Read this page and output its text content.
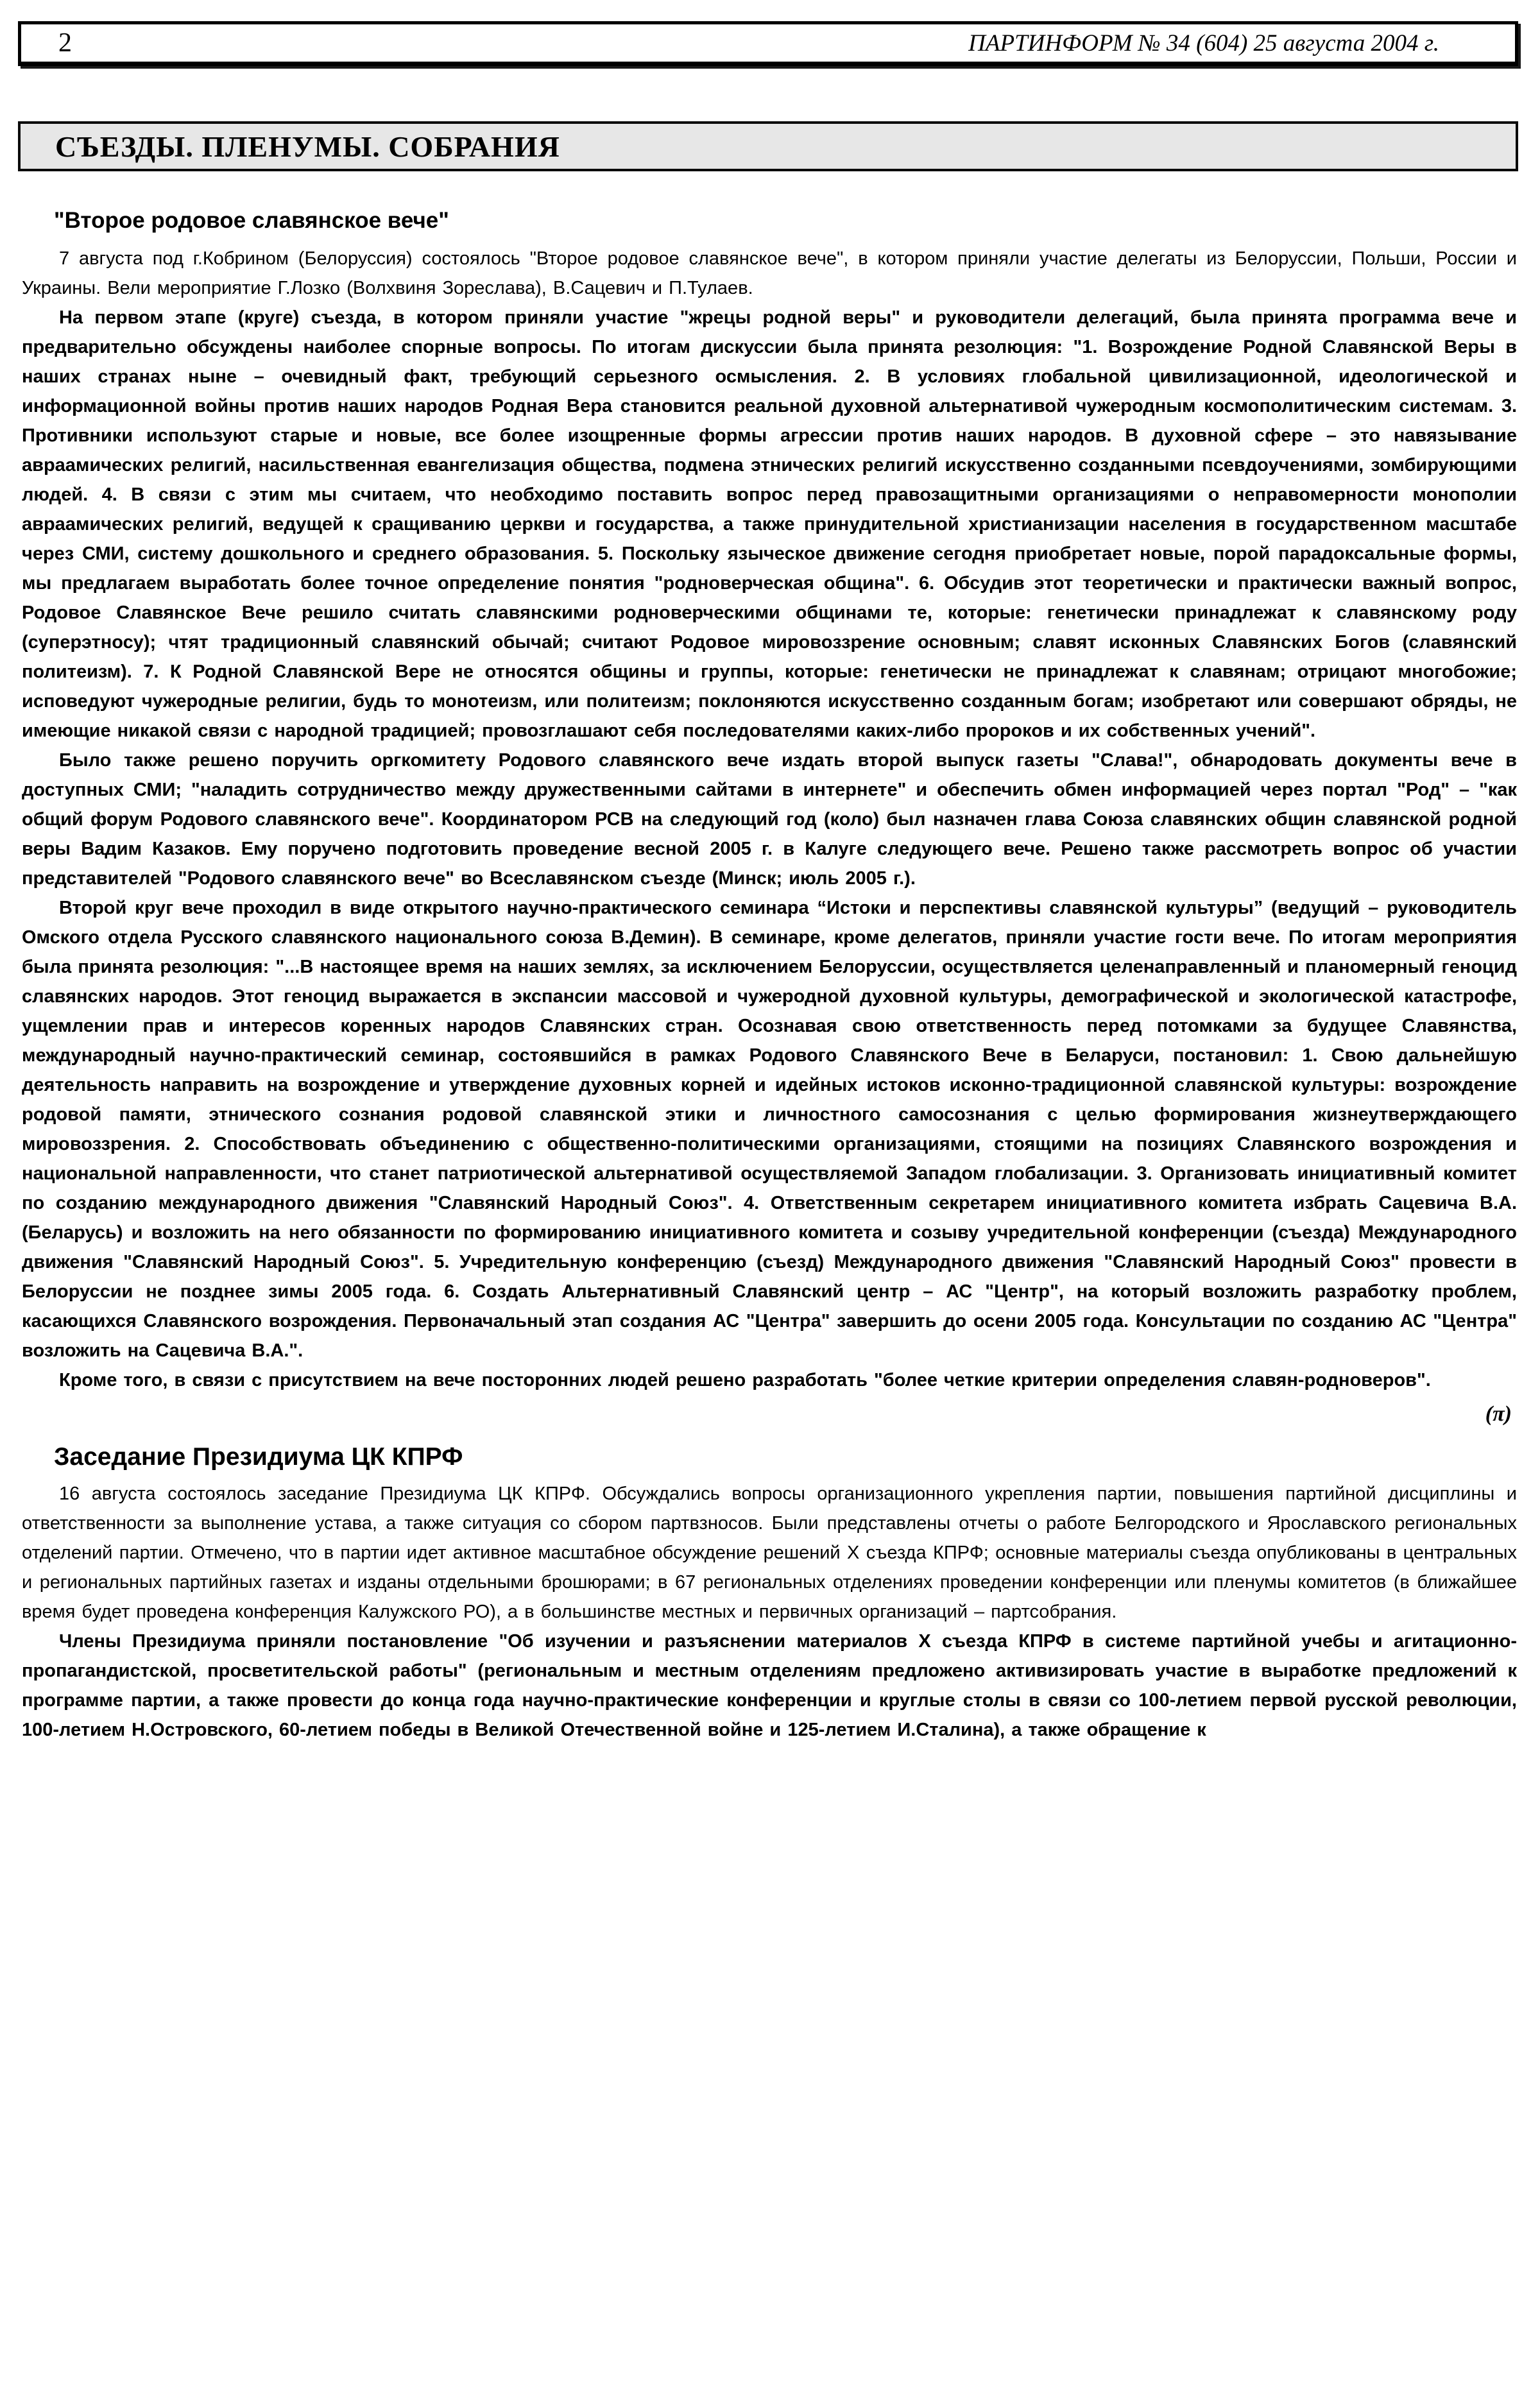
2	ПАРТИНФОРМ № 34 (604) 25 августа 2004 г.
СЪЕЗДЫ. ПЛЕНУМЫ. СОБРАНИЯ
"Второе родовое славянское вече"

7 августа под г.Кобрином (Белоруссия) состоялось "Второе родовое славянское вече", в котором приняли участие делегаты из Белоруссии, Польши, России и Украины. Вели мероприятие Г.Лозко (Волхвиня Зореслава), В.Сацевич и П.Тулаев.

На первом этапе (круге) съезда, в котором приняли участие "жрецы родной веры" и руководители делегаций, была принята программа вече и предварительно обсуждены наиболее спорные вопросы. По итогам дискуссии была принята резолюция: "1. Возрождение Родной Славянской Веры в наших странах ныне – очевидный факт, требующий серьезного осмысления. 2. В условиях глобальной цивилизационной, идеологической и информационной войны против наших народов Родная Вера становится реальной духовной альтернативой чужеродным космополитическим системам. 3. Противники используют старые и новые, все более изощренные формы агрессии против наших народов. В духовной сфере – это навязывание авраамических религий, насильственная евангелизация общества, подмена этнических религий искусственно созданными псевдоучениями, зомбирующими людей. 4. В связи с этим мы считаем, что необходимо поставить вопрос перед правозащитными организациями о неправомерности монополии авраамических религий, ведущей к сращиванию церкви и государства, а также принудительной христианизации населения в государственном масштабе через СМИ, систему дошкольного и среднего образования. 5. Поскольку языческое движение сегодня приобретает новые, порой парадоксальные формы, мы предлагаем выработать более точное определение понятия "родноверческая община". 6. Обсудив этот теоретически и практически важный вопрос, Родовое Славянское Вече решило считать славянскими родноверческими общинами те, которые: генетически принадлежат к славянскому роду (суперэтносу); чтят традиционный славянский обычай; считают Родовое мировоззрение основным; славят исконных Славянских Богов (славянский политеизм). 7. К Родной Славянской Вере не относятся общины и группы, которые: генетически не принадлежат к славянам; отрицают многобожие; исповедуют чужеродные религии, будь то монотеизм, или политеизм; поклоняются искусственно созданным богам; изобретают или совершают обряды, не имеющие никакой связи с народной традицией; провозглашают себя последователями каких-либо пророков и их собственных учений".

Было также решено поручить оргкомитету Родового славянского вече издать второй выпуск газеты "Слава!", обнародовать документы вече в доступных СМИ; "наладить сотрудничество между дружественными сайтами в интернете" и обеспечить обмен информацией через портал "Род" – "как общий форум Родового славянского вече". Координатором РСВ на следующий год (коло) был назначен глава Союза славянских общин славянской родной веры Вадим Казаков. Ему поручено подготовить проведение весной 2005 г. в Калуге следующего вече. Решено также рассмотреть вопрос об участии представителей "Родового славянского вече" во Всеславянском съезде (Минск; июль 2005 г.).

Второй круг вече проходил в виде открытого научно-практического семинара “Истоки и перспективы славянской культуры” (ведущий – руководитель Омского отдела Русского славянского национального союза В.Демин). В семинаре, кроме делегатов, приняли участие гости вече. По итогам мероприятия была принята резолюция: "...В настоящее время на наших землях, за исключением Белоруссии, осуществляется целенаправленный и планомерный геноцид славянских народов. Этот геноцид выражается в экспансии массовой и чужеродной духовной культуры, демографической и экологической катастрофе, ущемлении прав и интересов коренных народов Славянских стран. Осознавая свою ответственность перед потомками за будущее Славянства, международный научно-практический семинар, состоявшийся в рамках Родового Славянского Вече в Беларуси, постановил: 1. Свою дальнейшую деятельность направить на возрождение и утверждение духовных корней и идейных истоков исконно-традиционной славянской культуры: возрождение родовой памяти, этнического сознания родовой славянской этики и личностного самосознания с целью формирования жизнеутверждающего мировоззрения. 2. Способствовать объединению с общественно-политическими организациями, стоящими на позициях Славянского возрождения и национальной направленности, что станет патриотической альтернативой осуществляемой Западом глобализации. 3. Организовать инициативный комитет по созданию международного движения "Славянский Народный Союз". 4. Ответственным секретарем инициативного комитета избрать Сацевича В.А. (Беларусь) и возложить на него обязанности по формированию инициативного комитета и созыву учредительной конференции (съезда) Международного движения "Славянский Народный Союз". 5. Учредительную конференцию (съезд) Международного движения "Славянский Народный Союз" провести в Белоруссии не позднее зимы 2005 года. 6. Создать Альтернативный Славянский центр – АС "Центр", на который возложить разработку проблем, касающихся Славянского возрождения. Первоначальный этап создания АС "Центра" завершить до осени 2005 года. Консультации по созданию АС "Центра" возложить на Сацевича В.А.".

Кроме того, в связи с присутствием на вече посторонних людей решено разработать "более четкие критерии определения славян-родноверов".

(π)
Заседание Президиума ЦК КПРФ

16 августа состоялось заседание Президиума ЦК КПРФ. Обсуждались вопросы организационного укрепления партии, повышения партийной дисциплины и ответственности за выполнение устава, а также ситуация со сбором партвзносов. Были представлены отчеты о работе Белгородского и Ярославского региональных отделений партии. Отмечено, что в партии идет активное масштабное обсуждение решений X съезда КПРФ; основные материалы съезда опубликованы в центральных и региональных партийных газетах и изданы отдельными брошюрами; в 67 региональных отделениях проведении конференции или пленумы комитетов (в ближайшее время будет проведена конференция Калужского РО), а в большинстве местных и первичных организаций – партсобрания.

Члены Президиума приняли постановление "Об изучении и разъяснении материалов X съезда КПРФ в системе партийной учебы и агитационно-пропагандистской, просветительской работы" (региональным и местным отделениям предложено активизировать участие в выработке предложений к программе партии, а также провести до конца года научно-практические конференции и круглые столы в связи со 100-летием первой русской революции, 100-летием Н.Островского, 60-летием победы в Великой Отечественной войне и 125-летием И.Сталина), а также обращение к
